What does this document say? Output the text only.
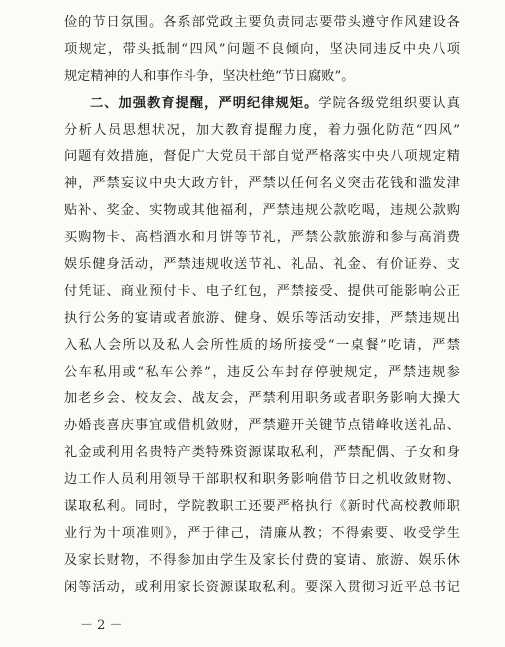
俭的节日氛围。各系部党政主要负责同志要带头遵守作风建设各
项规定，带头抵制“四风”问题不良倾向，坚决同违反中央八项
规定精神的人和事作斗争，坚决杜绝“节日腐败”。
二、加强教育提醒，严明纪律规矩。学院各级党组织要认真
分析人员思想状况，加大教育提醒力度，着力强化防范“四风”
问题有效措施，督促广大党员干部自觉严格落实中央八项规定精
神，严禁妄议中央大政方针，严禁以任何名义突击花钱和滥发津
贴补、奖金、实物或其他福利，严禁违规公款吃喝，违规公款购
买购物卡、高档酒水和月饼等节礼，严禁公款旅游和参与高消费
娱乐健身活动，严禁违规收送节礼、礼品、礼金、有价证券、支
付凭证、商业预付卡、电子红包，严禁接受、提供可能影响公正
执行公务的宴请或者旅游、健身、娱乐等活动安排，严禁违规出
入私人会所以及私人会所性质的场所接受“一桌餐”吃请，严禁
公车私用或“私车公养”，违反公车封存停驶规定，严禁违规参
加老乡会、校友会、战友会，严禁利用职务或者职务影响大操大
办婚丧喜庆事宜或借机敛财，严禁避开关键节点错峰收送礼品、
礼金或利用名贵特产类特殊资源谋取私利，严禁配偶、子女和身
边工作人员利用领导干部职权和职务影响借节日之机收敛财物、
谋取私利。同时，学院教职工还要严格执行《新时代高校教师职
业行为十项准则》，严于律己，清廉从教；不得索要、收受学生
及家长财物，不得参加由学生及家长付费的宴请、旅游、娱乐休
闲等活动，或利用家长资源谋取私利。要深入贯彻习近平总书记
－ 2 －
